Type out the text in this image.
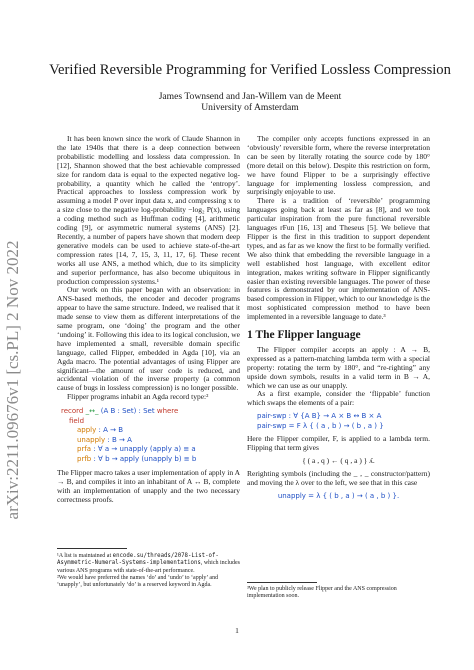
arXiv:2211.09676v1 [cs.PL] 2 Nov 2022
Verified Reversible Programming for Verified Lossless Compression
James Townsend and Jan-Willem van de Meent
University of Amsterdam

It has been known since the work of Claude Shannon in the late 1940s that there is a deep connection between probabilistic modelling and lossless data compression. In [12], Shannon showed that the best achievable compressed size for random data is equal to the expected negative log-probability, a quantity which he called the ‘entropy’. Practical approaches to lossless compression work by assuming a model P over input data x, and compressing x to a size close to the negative log-probability −log₂ P(x), using a coding method such as Huffman coding [4], arithmetic coding [9], or asymmetric numeral systems (ANS) [2]. Recently, a number of papers have shown that modern deep generative models can be used to achieve state-of-the-art compression rates [14, 7, 15, 3, 11, 17, 6]. These recent works all use ANS, a method which, due to its simplicity and superior performance, has also become ubiquitous in production compression systems.¹

Our work on this paper began with an observation: in ANS-based methods, the encoder and decoder programs appear to have the same structure. Indeed, we realised that it made sense to view them as different interpretations of the same program, one ‘doing’ the program and the other ‘undoing’ it. Following this idea to its logical conclusion, we have implemented a small, reversible domain specific language, called Flipper, embedded in Agda [10], via an Agda macro. The potential advantages of using Flipper are significant—the amount of user code is reduced, and accidental violation of the inverse property (a common cause of bugs in lossless compression) is no longer possible.

Flipper programs inhabit an Agda record type:²

record _↔_ (A B : Set) : Set where
field
apply : A → B
unapply : B → A
prfa : ∀ a → unapply (apply a) ≡ a
prfb : ∀ b → apply (unapply b) ≡ b

The Flipper macro takes a user implementation of apply in A → B, and compiles it into an inhabitant of A ↔ B, complete with an implementation of unapply and the two necessary correctness proofs.

¹A list is maintained at encode.su/threads/2078-List-of-Asymmetric-Numeral-Systems-implementations, which includes various ANS programs with state-of-the-art performance.
²We would have preferred the names ‘do’ and ‘undo’ to ‘apply’ and ‘unapply’, but unfortunately ‘do’ is a reserved keyword in Agda.

The compiler only accepts functions expressed in an ‘obviously’ reversible form, where the reverse interpretation can be seen by literally rotating the source code by 180° (more detail on this below). Despite this restriction on form, we have found Flipper to be a surprisingly effective language for implementing lossless compression, and surprisingly enjoyable to use.

There is a tradition of ‘reversible’ programming languages going back at least as far as [8], and we took particular inspiration from the pure functional reversible languages rFun [16, 13] and Theseus [5]. We believe that Flipper is the first in this tradition to support dependent types, and as far as we know the first to be formally verified. We also think that embedding the reversible language in a well established host language, with excellent editor integration, makes writing software in Flipper significantly easier than existing reversible languages. The power of these features is demonstrated by our implementation of ANS-based compression in Flipper, which to our knowledge is the most sophisticated compression method to have been implemented in a reversible language to date.³

1 The Flipper language

The Flipper compiler accepts an apply : A → B, expressed as a pattern-matching lambda term with a special property: rotating the term by 180°, and “re-righting” any upside down symbols, results in a valid term in B → A, which we can use as our unapply.

As a first example, consider the ‘flippable’ function which swaps the elements of a pair:

pair-swp : ∀ {A B} → A × B ↔ B × A
pair-swp = F λ { ( a , b ) → ( b , a ) }

Here the Flipper compiler, F, is applied to a lambda term. Flipping that term gives

{ ( a , q ) ← ( q , a ) } ʎ.

Rerighting symbols (including the _ ‚ _ constructor/pattern) and moving the λ over to the left, we see that in this case

unapply = λ { ( b , a ) → ( a , b ) }.
³We plan to publicly release Flipper and the ANS compression implementation soon.
1
